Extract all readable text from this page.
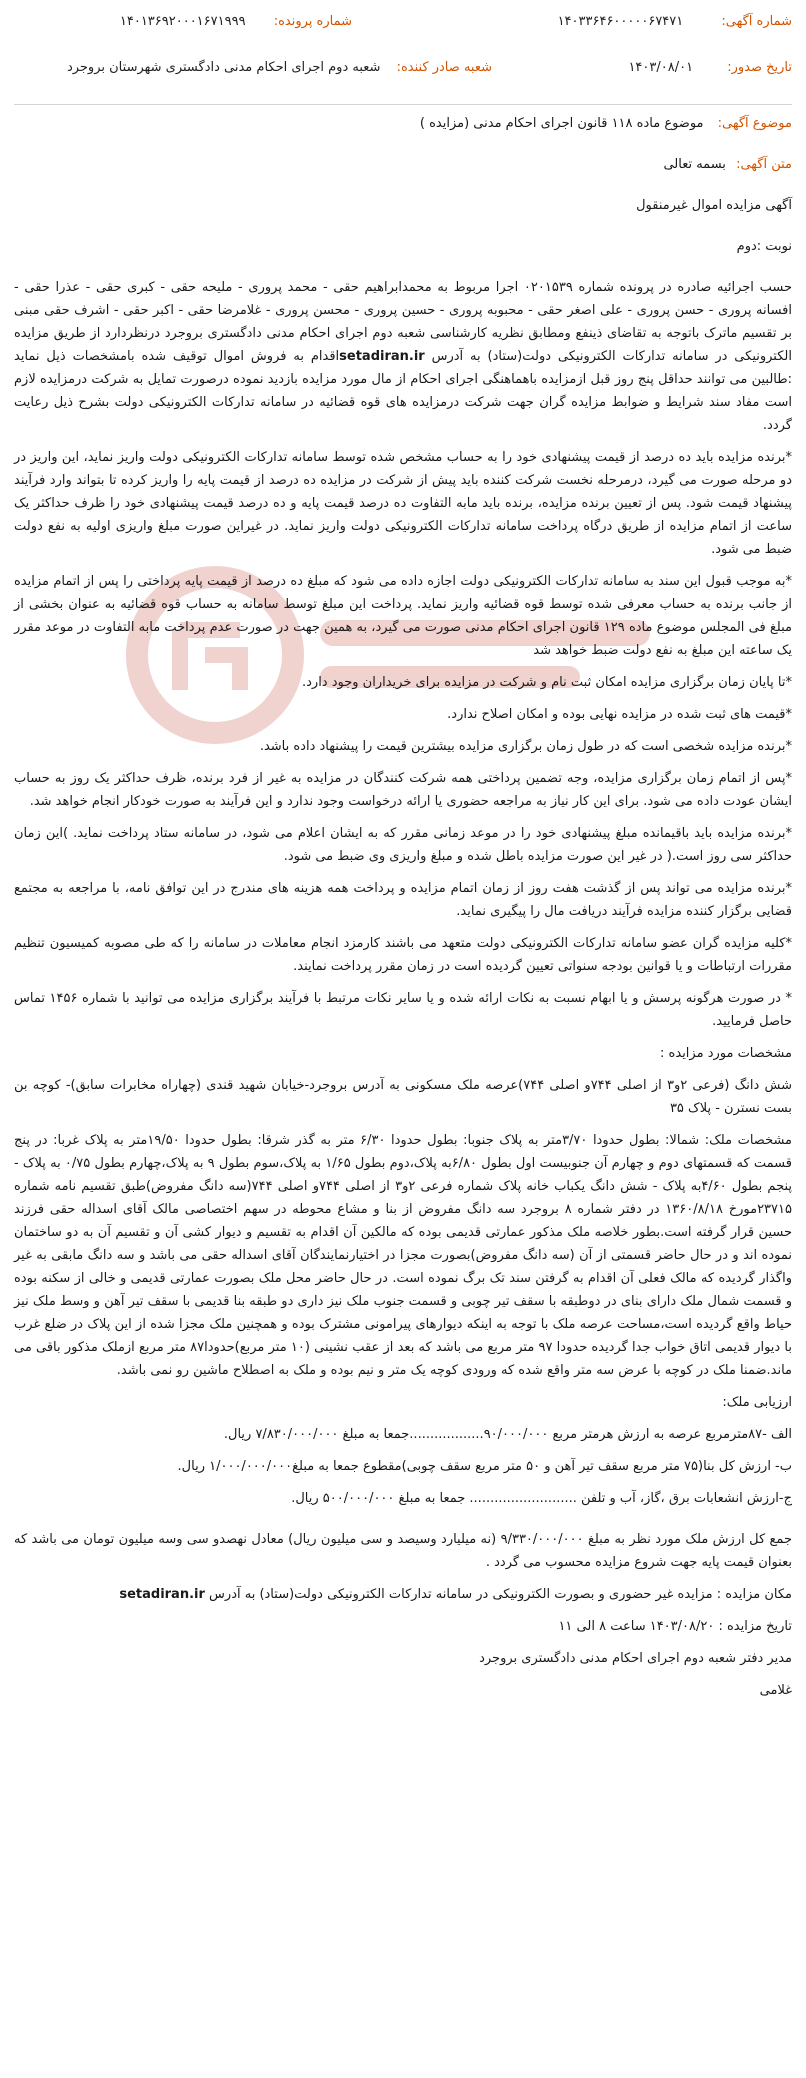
شماره آگهی: ۱۴۰۳۳۶۴۶۰۰۰۰۰۶۷۴۷۱
شماره پرونده: ۱۴۰۱۳۶۹۲۰۰۰۱۶۷۱۹۹۹
تاریخ صدور: ۱۴۰۳/۰۸/۰۱
شعبه صادر کننده: شعبه دوم اجرای احکام مدنی دادگستری شهرستان بروجرد

موضوع آگهی: موضوع ماده ۱۱۸ قانون اجرای احکام مدنی (مزایده )

متن آگهی: بسمه تعالی

آگهی مزایده اموال غیرمنقول

نوبت :دوم

حسب اجرائیه صادره در پرونده شماره ۰۲۰۱۵۳۹ اجرا مربوط به محمدابراهیم حقی - محمد پروری - ملیحه حقی - کبری حقی - عذرا حقی - افسانه پروری - حسن پروری - علی اصغر حقی - محبوبه پروری - حسین پروری - محسن پروری - غلامرضا حقی - اکبر حقی - اشرف حقی مبنی بر تقسیم ماترک باتوجه به تقاضای ذینفع ومطابق نظریه کارشناسی شعبه دوم اجرای احکام مدنی دادگستری بروجرد درنظردارد از طریق مزایده الکترونیکی در سامانه تدارکات الکترونیکی دولت(ستاد) به آدرس setadiran.irاقدام به فروش اموال توقیف شده بامشخصات ذیل نماید :طالبین می توانند حداقل پنج روز قبل ازمزایده باهماهنگی اجرای احکام از مال مورد مزایده بازدید نموده درصورت تمایل به شرکت درمزایده لازم است مفاد سند شرایط و ضوابط مزایده گران جهت شرکت درمزایده های قوه قضائیه در سامانه تدارکات الکترونیکی دولت بشرح ذیل رعایت گردد.

*برنده مزایده باید ده درصد از قیمت پیشنهادی خود را به حساب مشخص شده توسط سامانه تدارکات الکترونیکی دولت واریز نماید، این واریز در دو مرحله صورت می گیرد، درمرحله نخست شرکت کننده باید پیش از شرکت در مزایده ده درصد از قیمت پایه را واریز کرده تا بتواند وارد فرآیند پیشنهاد قیمت شود. پس از تعیین برنده مزایده، برنده باید مابه التفاوت ده درصد قیمت پایه و ده درصد قیمت پیشنهادی خود را ظرف حداکثر یک ساعت از اتمام مزایده از طریق درگاه پرداخت سامانه تدارکات الکترونیکی دولت واریز نماید. در غیراین صورت مبلغ واریزی اولیه به نفع دولت ضبط می شود.

*به موجب قبول این سند به سامانه تدارکات الکترونیکی دولت اجازه داده می شود که مبلغ ده درصد از قیمت پایه پرداختی را پس از اتمام مزایده از جانب برنده به حساب معرفی شده توسط قوه قضائیه واریز نماید. پرداخت این مبلغ توسط سامانه به حساب قوه قضائیه به عنوان بخشی از مبلغ فی المجلس موضوع ماده ۱۲۹ قانون اجرای احکام مدنی صورت می گیرد، به همین جهت در صورت عدم پرداخت مابه التفاوت در موعد مقرر یک ساعته این مبلغ به نفع دولت ضبط خواهد شد

*تا پایان زمان برگزاری مزایده امکان ثبت نام و شرکت در مزایده برای خریداران وجود دارد.

*قیمت های ثبت شده در مزایده نهایی بوده و امکان اصلاح ندارد.

*برنده مزایده شخصی است که در طول زمان برگزاری مزایده بیشترین قیمت را پیشنهاد داده باشد.

*پس از اتمام زمان برگزاری مزایده، وجه تضمین پرداختی همه شرکت کنندگان در مزایده به غیر از فرد برنده، ظرف حداکثر یک روز به حساب ایشان عودت داده می شود. برای این کار نیاز به مراجعه حضوری یا ارائه درخواست وجود ندارد و این فرآیند به صورت خودکار انجام خواهد شد.

*برنده مزایده باید باقیمانده مبلغ پیشنهادی خود را در موعد زمانی مقرر که به ایشان اعلام می شود، در سامانه ستاد پرداخت نماید. )این زمان حداکثر سی روز است.( در غیر این صورت مزایده باطل شده و مبلغ واریزی وی ضبط می شود.

*برنده مزایده می تواند پس از گذشت هفت روز از زمان اتمام مزایده و پرداخت همه هزینه های مندرج در این توافق نامه، با مراجعه به مجتمع قضایی برگزار کننده مزایده فرآیند دریافت مال را پیگیری نماید.

*کلیه مزایده گران عضو سامانه تدارکات الکترونیکی دولت متعهد می باشند کارمزد انجام معاملات در سامانه را که طی مصوبه کمیسیون تنظیم مقررات ارتباطات و یا قوانین بودجه سنواتی تعیین گردیده است در زمان مقرر پرداخت نمایند.

* در صورت هرگونه پرسش و یا ابهام نسبت به نکات ارائه شده و یا سایر نکات مرتبط با فرآیند برگزاری مزایده می توانید با شماره ۱۴۵۶ تماس حاصل فرمایید.

مشخصات مورد مزایده :

شش دانگ (فرعی ۲و۳ از اصلی ۷۴۴و اصلی ۷۴۴)عرصه ملک مسکونی به آدرس بروجرد-خیابان شهید قندی (چهاراه مخابرات سابق)- کوچه بن بست نسترن - پلاک ۳۵

مشخصات ملک: شمالا: بطول حدودا ۳/۷۰متر به پلاک جنوبا: بطول حدودا ۶/۳۰ متر به گذر شرقا: بطول حدودا ۱۹/۵۰متر به پلاک غربا: در پنج قسمت که قسمتهای دوم و چهارم آن جنوبیست اول بطول ۶/۸۰به پلاک،دوم بطول ۱/۶۵ به پلاک،سوم بطول ۹ به پلاک،چهارم بطول ۰/۷۵ به پلاک - پنجم بطول ۴/۶۰به پلاک - شش دانگ یکباب خانه پلاک شماره فرعی ۲و۳ از اصلی ۷۴۴و اصلی ۷۴۴(سه دانگ مفروض)طبق تقسیم نامه شماره ۲۳۷۱۵مورخ ۱۳۶۰/۸/۱۸ در دفتر شماره ۸ بروجرد سه دانگ مفروض از بنا و مشاع محوطه در سهم اختصاصی مالک آقای اسداله حقی فرزند حسین قرار گرفته است.بطور خلاصه ملک مذکور عمارتی قدیمی بوده که مالکین آن اقدام به تقسیم و دیوار کشی آن و تقسیم آن به دو ساختمان نموده اند و در حال حاضر قسمتی از آن (سه دانگ مفروض)بصورت مجزا در اختیارنمایندگان آقای اسداله حقی می باشد و سه دانگ مابقی به غیر واگذار گردیده که مالک فعلی آن اقدام به گرفتن سند تک برگ نموده است. در حال حاضر محل ملک بصورت عمارتی قدیمی و خالی از سکنه بوده و قسمت شمال ملک دارای بنای در دوطبقه با سقف تیر چوبی و قسمت جنوب ملک نیز داری دو طبقه بنا قدیمی با سقف تیر آهن و وسط ملک نیز حیاط واقع گردیده است،مساحت عرصه ملک با توجه به اینکه دیوارهای پیرامونی مشترک بوده و همچنین ملک مجزا شده از این پلاک در ضلع غرب با دیوار قدیمی اتاق خواب جدا گردیده حدودا ۹۷ متر مربع می باشد که بعد از عقب نشینی (۱۰ متر مربع)حدودا۸۷ متر مربع ازملک مذکور باقی می ماند.ضمنا ملک در کوچه با عرض سه متر واقع شده که ورودی کوچه یک متر و نیم بوده و ملک به اصطلاح ماشین رو نمی باشد.

ارزیابی ملک:

الف -۸۷مترمربع عرصه به ارزش هرمتر مربع ۹۰/۰۰۰/۰۰۰..................جمعا به مبلغ ۷/۸۳۰/۰۰۰/۰۰۰ ریال.

ب- ارزش کل بنا(۷۵ متر مربع سقف تیر آهن و ۵۰ متر مربع سقف چوبی)مقطوع جمعا به مبلغ۱/۰۰۰/۰۰۰/۰۰۰ ریال.

ج-ارزش انشعابات برق ،گاز، آب و تلفن .......................... جمعا به مبلغ ۵۰۰/۰۰۰/۰۰۰ ریال.

جمع کل ارزش ملک مورد نظر به مبلغ ۹/۳۳۰/۰۰۰/۰۰۰ (نه میلیارد وسیصد و سی میلیون ریال) معادل نهصدو سی وسه میلیون تومان می باشد که بعنوان قیمت پایه جهت شروع مزایده محسوب می گردد .

مکان مزایده : مزایده غیر حضوری و بصورت الکترونیکی در سامانه تدارکات الکترونیکی دولت(ستاد) به آدرس setadiran.ir

تاریخ مزایده : ۱۴۰۳/۰۸/۲۰ ساعت ۸ الی ۱۱

مدیر دفتر شعبه دوم اجرای احکام مدنی دادگستری بروجرد

غلامی
